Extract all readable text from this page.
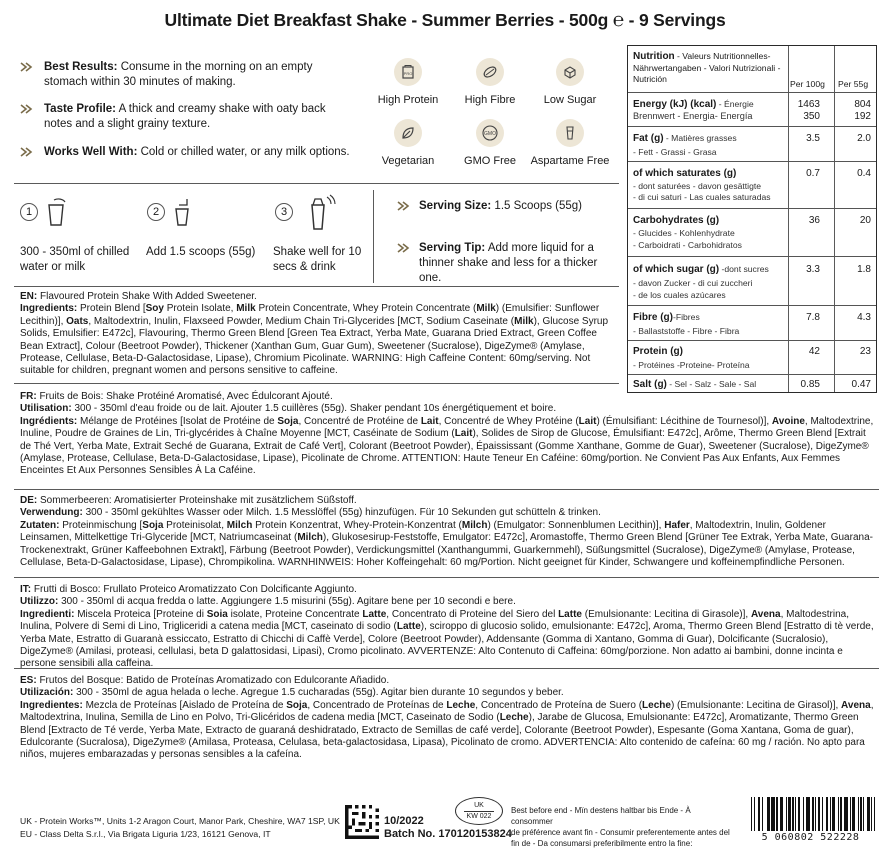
Ultimate Diet Breakfast Shake - Summer Berries - 500g ℮ - 9 Servings
Best Results: Consume in the morning on an empty stomach within 30 minutes of making.
Taste Profile: A thick and creamy shake with oaty back notes and a slight grainy texture.
Works Well With: Cold or chilled water, or any milk options.
PRO
High Protein	High Fibre	Low Sugar
Vegetarian
GMO
GMO Free	Aspartame Free
1
300 - 350ml of chilled water or milk
2
Add 1.5 scoops (55g)
3
Shake well for 10 secs & drink
Serving Size: 1.5 Scoops (55g)
Serving Tip: Add more liquid for a thinner shake and less for a thicker one.
Nutrition - Valeurs Nutritionnelles- Nährwertangaben - Valori Nutrizionali - Nutrición	Per 100g Per 55g
Energy (kJ) (kcal) - Énergie	1463	804
Brennwert - Energia- Energía	350	192
Fat (g) - Matières grasses	3.5	2.0
- Fett - Grassi - Grasa
of which saturates (g)	0.7	0.4
- dont saturées - davon gesättigte
- di cui saturi - Las cuales saturadas
Carbohydrates (g)	36	20
- Glucides - Kohlenhydrate
- Carboidrati - Carbohidratos
of which sugar (g) -dont sucres	3.3	1.8
- davon Zucker - di cui zuccheri
- de los cuales azúcares
Fibre (g)-Fibres	7.8	4.3
- Ballaststoffe - Fibre - Fibra
Protein (g)	42	23
- Protéines -Proteine- Proteína
Salt (g) - Sel - Salz - Sale - Sal	0.85	0.47
EN: Flavoured Protein Shake With Added Sweetener.
Ingredients: Protein Blend [Soy Protein Isolate, Milk Protein Concentrate, Whey Protein Concentrate (Milk) (Emulsifier: Sunflower Lecithin)], Oats, Maltodextrin, Inulin, Flaxseed Powder, Medium Chain Tri-Glycerides [MCT, Sodium Caseinate (Milk), Glucose Syrup Solids, Emulsifier: E472c], Flavouring, Thermo Green Blend [Green Tea Extract, Yerba Mate, Guarana Dried Extract, Green Coffee Bean Extract], Colour (Beetroot Powder), Thickener (Xanthan Gum, Guar Gum), Sweetener (Sucralose), DigeZyme® (Amylase, Protease, Cellulase, Beta-D-Galactosidase, Lipase), Chromium Picolinate. WARNING: High Caffeine Content: 60mg/serving. Not suitable for children, pregnant women and persons sensitive to caffeine.
FR: Fruits de Bois: Shake Protéiné Aromatisé, Avec Édulcorant Ajouté.
Utilisation: 300 - 350ml d'eau froide ou de lait. Ajouter 1.5 cuillères (55g). Shaker pendant 10s énergétiquement et boire.
Ingrédients: Mélange de Protéines [Isolat de Protéine de Soja, Concentré de Protéine de Lait, Concentré de Whey Protéine (Lait) (Émulsifiant: Lécithine de Tournesol)], Avoine, Maltodextrine, Inuline, Poudre de Graines de Lin, Tri-glycérides à Chaîne Moyenne [MCT, Caséinate de Sodium (Lait), Solides de Sirop de Glucose, Émulsifiant: E472c], Arôme, Thermo Green Blend [Extrait de Thé Vert, Yerba Mate, Extrait Seché de Guarana, Extrait de Café Vert], Colorant (Beetroot Powder), Épaississant (Gomme Xanthane, Gomme de Guar), Sweetener (Sucralose), DigeZyme® (Amylase, Protease, Cellulase, Beta-D-Galactosidase, Lipase), Picolinate de Chrome. ATTENTION: Haute Teneur En Caféine: 60mg/portion. Ne Convient Pas Aux Enfants, Aux Femmes Enceintes Et Aux Personnes Sensibles À La Caféine.
DE: Sommerbeeren: Aromatisierter Proteinshake mit zusätzlichem Süßstoff.
Verwendung: 300 - 350ml gekühltes Wasser oder Milch. 1.5 Messlöffel (55g) hinzufügen. Für 10 Sekunden gut schütteln & trinken.
Zutaten: Proteinmischung [Soja Proteinisolat, Milch Protein Konzentrat, Whey-Protein-Konzentrat (Milch) (Emulgator: Sonnenblumen Lecithin)], Hafer, Maltodextrin, Inulin, Goldener Leinsamen, Mittelkettige Tri-Glyceride [MCT, Natriumcaseinat (Milch), Glukosesirup-Feststoffe, Emulgator: E472c], Aromastoffe, Thermo Green Blend [Grüner Tee Extrak, Yerba Mate, Guarana-Trockenextrakt, Grüner Kaffeebohnen Extrakt], Färbung (Beetroot Powder), Verdickungsmittel (Xanthangummi, Guarkernmehl), Süßungsmittel (Sucralose), DigeZyme® (Amylase, Protease, Cellulase, Beta-D-Galactosidase, Lipase), Chrompikolina. WARNHINWEIS: Hoher Koffeingehalt: 60 mg/Portion. Nicht geeignet für Kinder, Schwangere und koffeinempfindliche Personen.
IT: Frutti di Bosco: Frullato Proteico Aromatizzato Con Dolcificante Aggiunto.
Utilizzo: 300 - 350ml di acqua fredda o latte. Aggiungere 1.5 misurini (55g). Agitare bene per 10 secondi e bere.
Ingredienti: Miscela Proteica [Proteine di Soia isolate, Proteine Concentrate Latte, Concentrato di Proteine del Siero del Latte (Emulsionante: Lecitina di Girasole)], Avena, Maltodestrina, Inulina, Polvere di Semi di Lino, Trigliceridi a catena media [MCT, caseinato di sodio (Latte), sciroppo di glucosio solido, emulsionante: E472c], Aroma, Thermo Green Blend [Estratto di tè verde, Yerba Mate, Estratto di Guaranà essiccato, Estratto di Chicchi di Caffè Verde], Colore (Beetroot Powder), Addensante (Gomma di Xantano, Gomma di Guar), Dolcificante (Sucralosio), DigeZyme® (Amilasi, proteasi, cellulasi, beta D galattosidasi, Lipasi), Cromo picolinato. AVVERTENZE: Alto Contenuto di Caffeina: 60mg/porzione. Non adatto ai bambini, donne incinta e persone sensibili alla caffeina.
ES: Frutos del Bosque: Batido de Proteínas Aromatizado con Edulcorante Añadido.
Utilización: 300 - 350ml de agua helada o leche. Agregue 1.5 cucharadas (55g). Agitar bien durante 10 segundos y beber.
Ingredientes: Mezcla de Proteínas [Aislado de Proteína de Soja, Concentrado de Proteínas de Leche, Concentrado de Proteína de Suero (Leche) (Emulsionante: Lecitina de Girasol)], Avena, Maltodextrina, Inulina, Semilla de Lino en Polvo, Tri-Glicéridos de cadena media [MCT, Caseinato de Sodio (Leche), Jarabe de Glucosa, Emulsionante: E472c], Aromatizante, Thermo Green Blend [Extracto de Té verde, Yerba Mate, Extracto de guaraná deshidratado, Extracto de Semillas de café verde], Colorante (Beetroot Powder), Espesante (Goma Xantana, Goma de guar), Edulcorante (Sucralosa), DigeZyme® (Amilasa, Proteasa, Celulasa, beta-galactosidasa, Lipasa), Picolinato de cromo. ADVERTENCIA: Alto contenido de cafeína: 60 mg / ración. No apto para niños, mujeres embarazadas y personas sensibles a la cafeína.
UK - Protein Works™, Units 1-2 Aragon Court, Manor Park, Cheshire, WA7 1SP, UK
EU - Class Delta S.r.l., Via Brigata Liguria 1/23, 16121 Genova, IT
10/2022
Batch No. 170120153824
UK
KW 022
Best before end - Mïn destens haltbar bis Ende - À consommer
de préférence avant fin - Consumir preferentemente antes del
fin de - Da consumarsi preferibilmente entro la fine:
5 060802 522228
